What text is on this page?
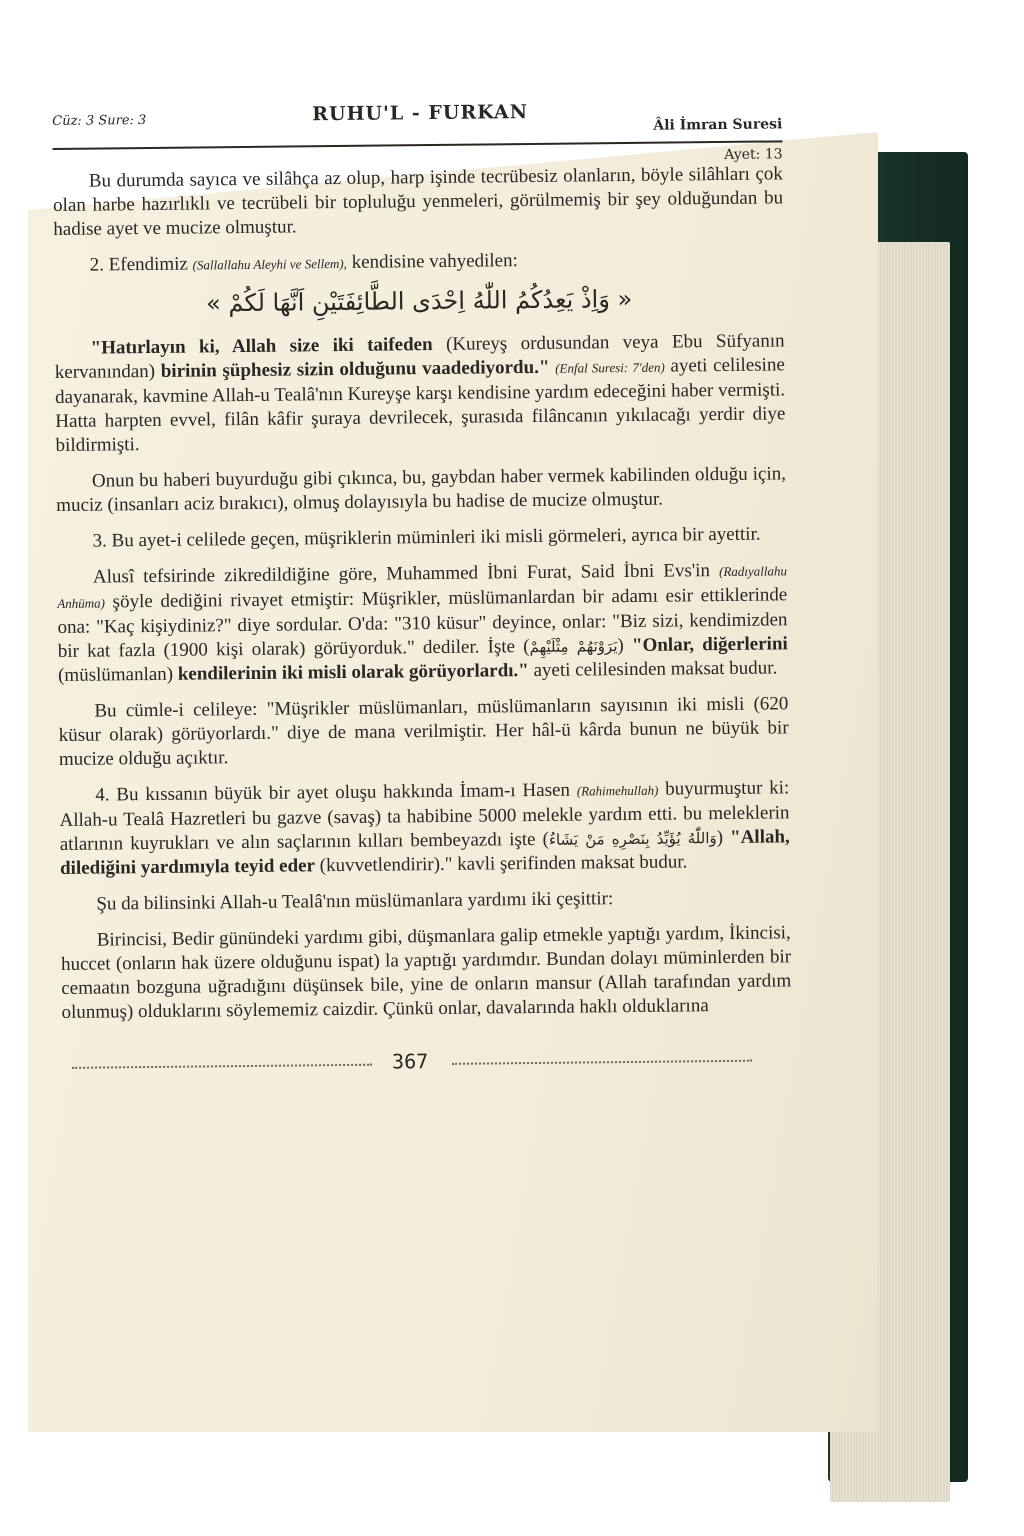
Cüz: 3 Sure: 3	RUHU'L - FURKAN	Âli İmran Suresi
Ayet: 13

Bu durumda sayıca ve silâhça az olup, harp işinde tecrübesiz olanların, böyle silâhları çok olan harbe hazırlıklı ve tecrübeli bir topluluğu yenmeleri, görülmemiş bir şey olduğundan bu hadise ayet ve mucize olmuştur.

2. Efendimiz (Sallallahu Aleyhi ve Sellem), kendisine vahyedilen:

« وَاِذْ يَعِدُكُمُ اللّٰهُ اِحْدَى الطَّائِفَتَيْنِ اَنَّهَا لَكُمْ »

"Hatırlayın ki, Allah size iki taifeden (Kureyş ordusundan veya Ebu Süfyanın kervanından) birinin şüphesiz sizin olduğunu vaadediyordu." (Enfal Suresi: 7'den) ayeti celilesine dayanarak, kavmine Allah-u Tealâ'nın Kureyşe karşı kendisine yardım edeceğini haber vermişti. Hatta harpten evvel, filân kâfir şuraya devrilecek, şurasıda filâncanın yıkılacağı yerdir diye bildirmişti.

Onun bu haberi buyurduğu gibi çıkınca, bu, gaybdan haber vermek kabilinden olduğu için, muciz (insanları aciz bırakıcı), olmuş dolayısıyla bu hadise de mucize olmuştur.

3. Bu ayet-i celilede geçen, müşriklerin müminleri iki misli görmeleri, ayrıca bir ayettir.

Alusî tefsirinde zikredildiğine göre, Muhammed İbni Furat, Said İbni Evs'in (Radıyallahu Anhüma) şöyle dediğini rivayet etmiştir: Müşrikler, müslümanlardan bir adamı esir ettiklerinde ona: "Kaç kişiydiniz?" diye sordular. O'da: "310 küsur" deyince, onlar: "Biz sizi, kendimizden bir kat fazla (1900 kişi olarak) görüyorduk." dediler. İşte (يَرَوْنَهُمْ مِثْلَيْهِمْ) "Onlar, diğerlerini (müslümanlan) kendilerinin iki misli olarak görüyorlardı." ayeti celilesinden maksat budur.

Bu cümle-i celileye: "Müşrikler müslümanları, müslümanların sayısının iki misli (620 küsur olarak) görüyorlardı." diye de mana verilmiştir. Her hâl-ü kârda bunun ne büyük bir mucize olduğu açıktır.

4. Bu kıssanın büyük bir ayet oluşu hakkında İmam-ı Hasen (Rahimehullah) buyurmuştur ki: Allah-u Tealâ Hazretleri bu gazve (savaş) ta habibine 5000 melekle yardım etti. bu meleklerin atlarının kuyrukları ve alın saçlarının kılları bembeyazdı işte (وَاللّٰهُ يُؤَيِّدُ بِنَصْرِهِ مَنْ يَشَاءُ) "Allah, dilediğini yardımıyla teyid eder (kuvvetlendirir)." kavli şerifinden maksat budur.

Şu da bilinsinki Allah-u Tealâ'nın müslümanlara yardımı iki çeşittir:

Birincisi, Bedir günündeki yardımı gibi, düşmanlara galip etmekle yaptığı yardım, İkincisi, huccet (onların hak üzere olduğunu ispat) la yaptığı yardımdır. Bundan dolayı müminlerden bir cemaatın bozguna uğradığını düşünsek bile, yine de onların mansur (Allah tarafından yardım olunmuş) olduklarını söylememiz caizdir. Çünkü onlar, davalarında haklı olduklarına

367
